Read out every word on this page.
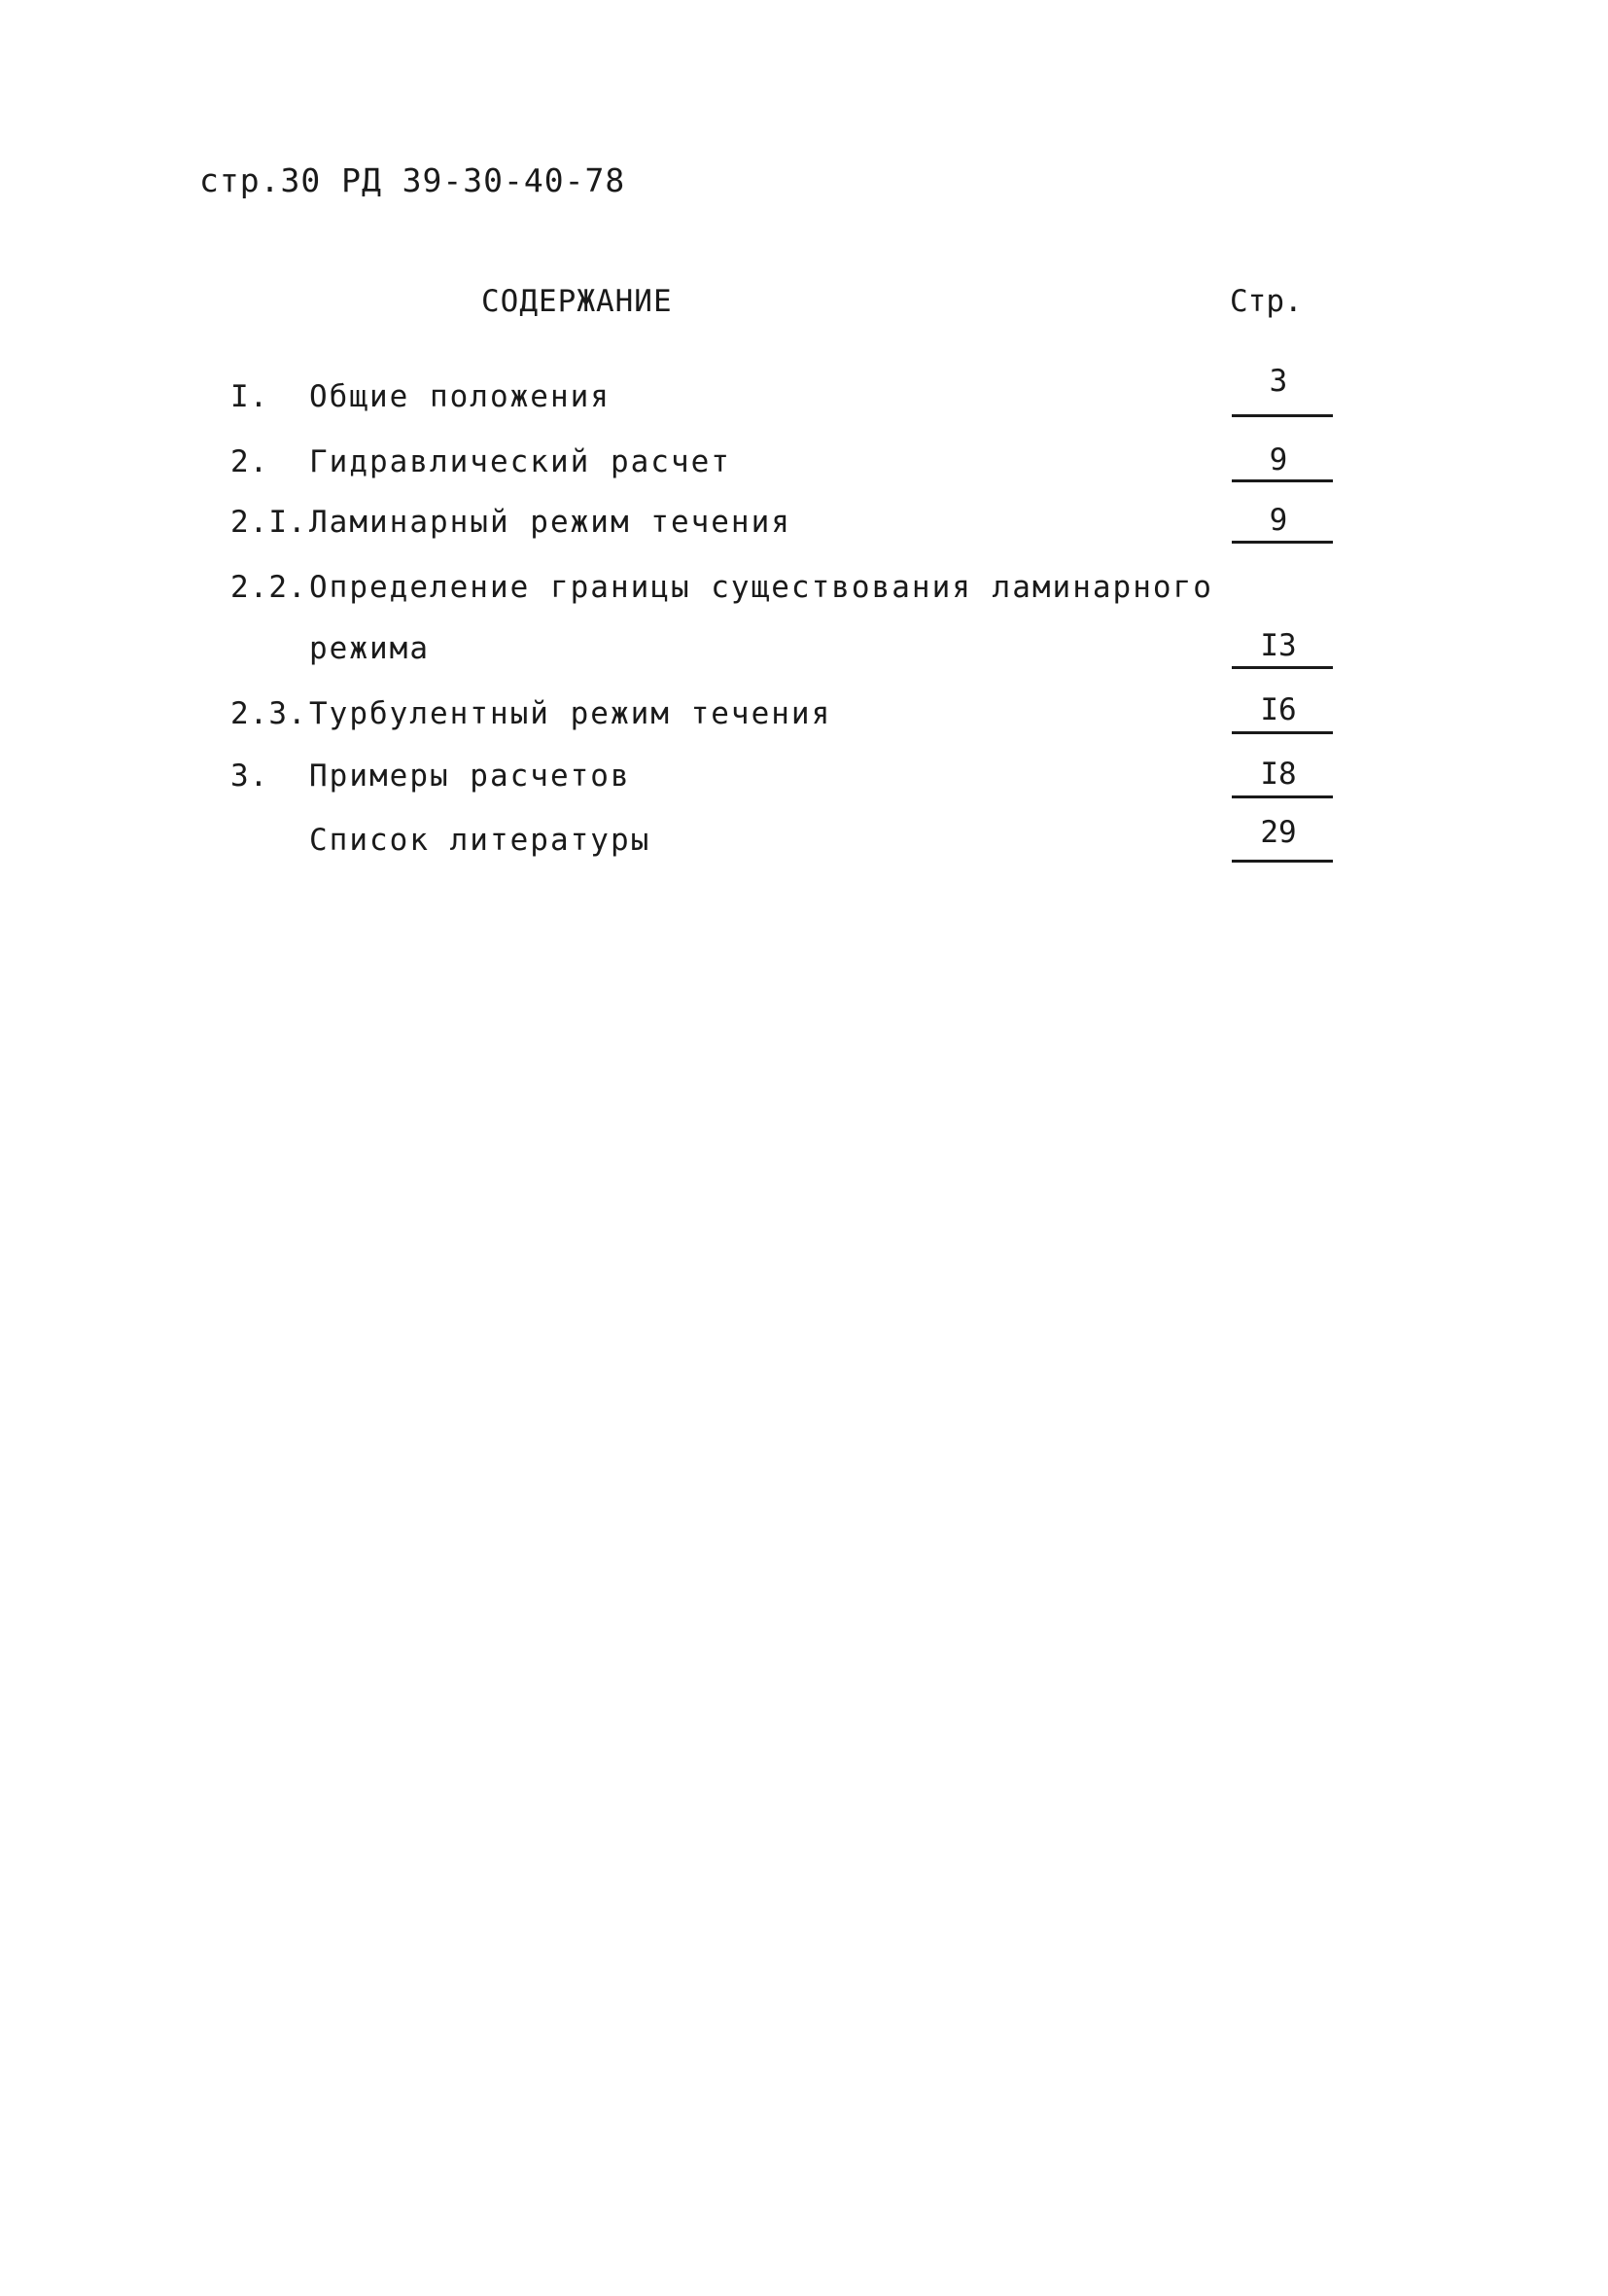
стр.30 РД 39-30-40-78
СОДЕРЖАНИЕ	Стр.
I. Общие положения	3
2. Гидравлический расчет	9
2.I. Ламинарный режим течения	9
2.2. Определение границы существования ламинарного
режима	I3
2.3. Турбулентный режим течения	I6
3. Примеры расчетов	I8
Список литературы	29
